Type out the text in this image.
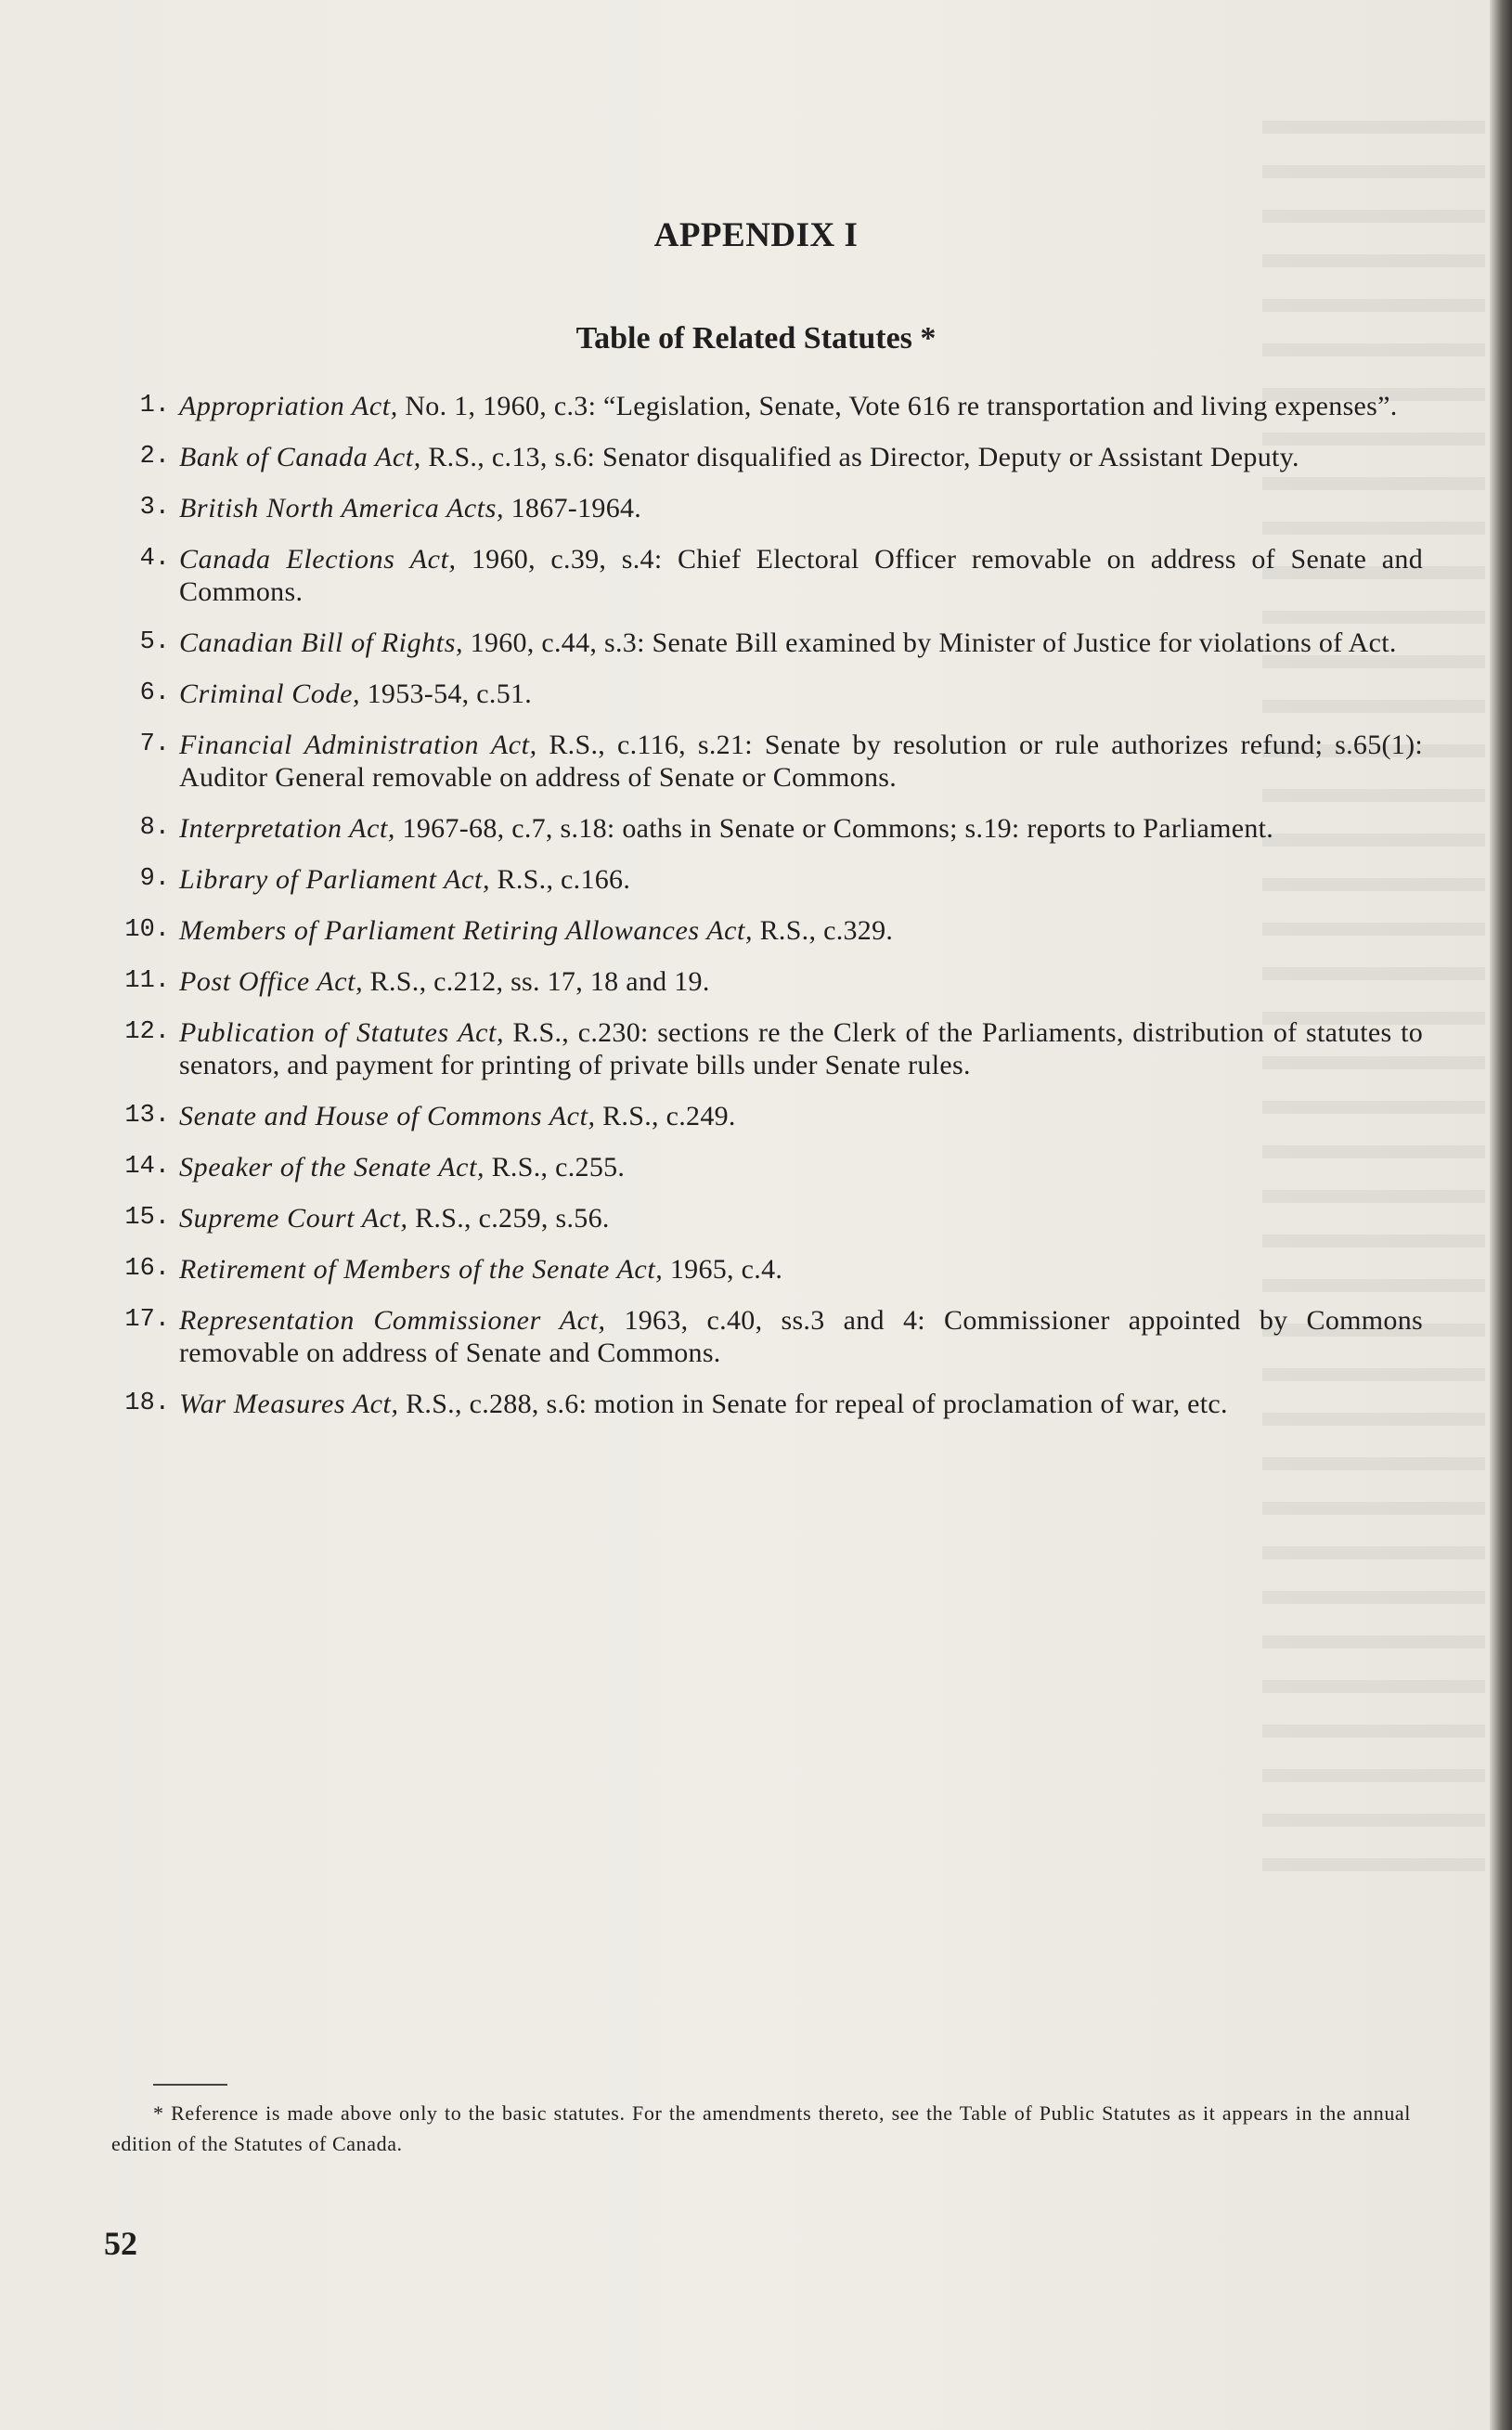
APPENDIX I
Table of Related Statutes *
1. Appropriation Act, No. 1, 1960, c.3: “Legislation, Senate, Vote 616 re transportation and living expenses”.
2. Bank of Canada Act, R.S., c.13, s.6: Senator disqualified as Director, Deputy or Assistant Deputy.
3. British North America Acts, 1867-1964.
4. Canada Elections Act, 1960, c.39, s.4: Chief Electoral Officer removable on address of Senate and Commons.
5. Canadian Bill of Rights, 1960, c.44, s.3: Senate Bill examined by Minister of Justice for violations of Act.
6. Criminal Code, 1953-54, c.51.
7. Financial Administration Act, R.S., c.116, s.21: Senate by resolution or rule authorizes refund; s.65(1): Auditor General removable on address of Senate or Commons.
8. Interpretation Act, 1967-68, c.7, s.18: oaths in Senate or Commons; s.19: reports to Parliament.
9. Library of Parliament Act, R.S., c.166.
10. Members of Parliament Retiring Allowances Act, R.S., c.329.
11. Post Office Act, R.S., c.212, ss. 17, 18 and 19.
12. Publication of Statutes Act, R.S., c.230: sections re the Clerk of the Parliaments, distribution of statutes to senators, and payment for printing of private bills under Senate rules.
13. Senate and House of Commons Act, R.S., c.249.
14. Speaker of the Senate Act, R.S., c.255.
15. Supreme Court Act, R.S., c.259, s.56.
16. Retirement of Members of the Senate Act, 1965, c.4.
17. Representation Commissioner Act, 1963, c.40, ss.3 and 4: Commissioner appointed by Commons removable on address of Senate and Commons.
18. War Measures Act, R.S., c.288, s.6: motion in Senate for repeal of proclamation of war, etc.
* Reference is made above only to the basic statutes. For the amendments thereto, see the Table of Public Statutes as it appears in the annual edition of the Statutes of Canada.
52
